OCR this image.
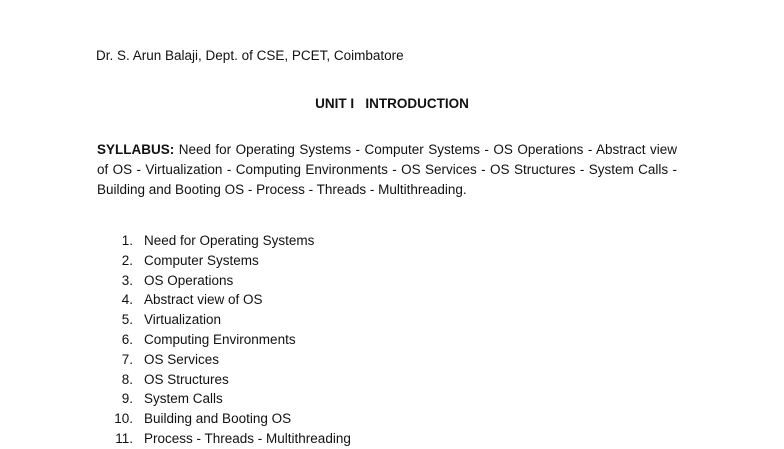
Dr. S. Arun Balaji, Dept. of CSE, PCET, Coimbatore
UNIT I   INTRODUCTION
SYLLABUS: Need for Operating Systems - Computer Systems - OS Operations - Abstract view of OS - Virtualization - Computing Environments - OS Services - OS Structures - System Calls - Building and Booting OS - Process - Threads - Multithreading.
1. Need for Operating Systems
2. Computer Systems
3. OS Operations
4. Abstract view of OS
5. Virtualization
6. Computing Environments
7. OS Services
8. OS Structures
9. System Calls
10. Building and Booting OS
11. Process - Threads - Multithreading
